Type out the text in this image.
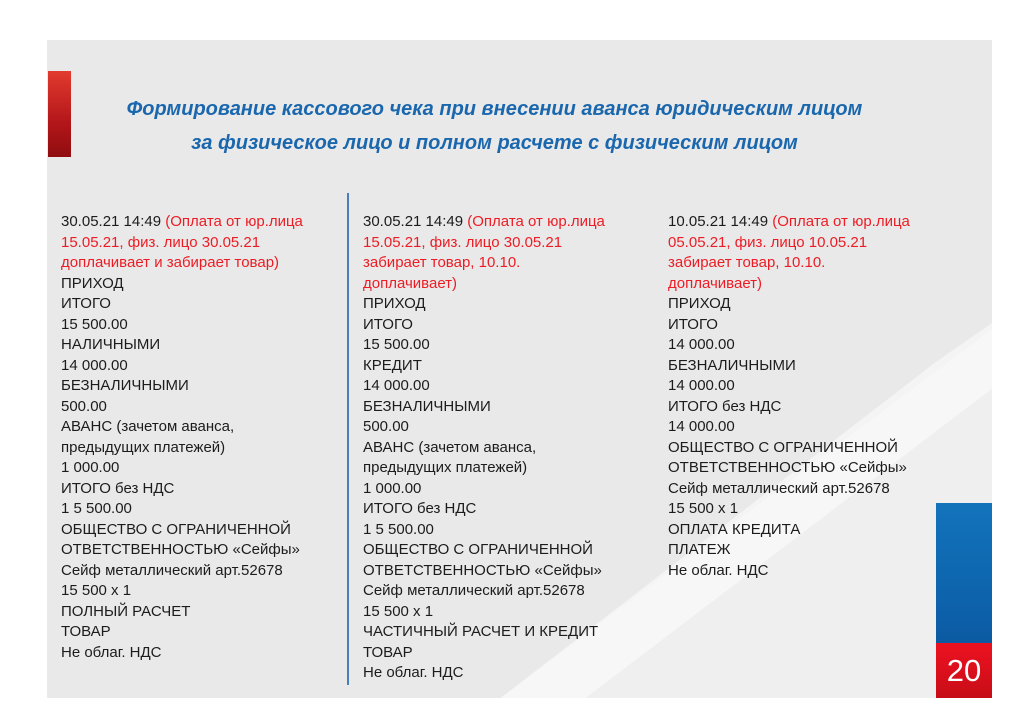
Формирование кассового чека при внесении аванса юридическим лицом
за физическое лицо и полном расчете с физическим лицом
30.05.21 14:49 (Оплата от юр.лица
15.05.21, физ. лицо 30.05.21
доплачивает и забирает товар)
ПРИХОД
ИТОГО
15 500.00
НАЛИЧНЫМИ
14 000.00
БЕЗНАЛИЧНЫМИ
500.00
АВАНС (зачетом аванса,
предыдущих платежей)
1 000.00
ИТОГО без НДС
1 5 500.00
ОБЩЕСТВО С ОГРАНИЧЕННОЙ
ОТВЕТСТВЕННОСТЬЮ «Сейфы»
Сейф металлический арт.52678
15 500 x 1
ПОЛНЫЙ РАСЧЕТ
ТОВАР
Не облаг. НДС
30.05.21 14:49 (Оплата от юр.лица
15.05.21, физ. лицо 30.05.21
забирает товар, 10.10.
доплачивает)
ПРИХОД
ИТОГО
15 500.00
КРЕДИТ
14 000.00
БЕЗНАЛИЧНЫМИ
500.00
АВАНС (зачетом аванса,
предыдущих платежей)
1 000.00
ИТОГО без НДС
1 5 500.00
ОБЩЕСТВО С ОГРАНИЧЕННОЙ
ОТВЕТСТВЕННОСТЬЮ «Сейфы»
Сейф металлический арт.52678
15 500 x 1
ЧАСТИЧНЫЙ РАСЧЕТ И КРЕДИТ
ТОВАР
Не облаг. НДС
10.05.21 14:49 (Оплата от юр.лица
05.05.21, физ. лицо 10.05.21
забирает товар, 10.10.
доплачивает)
ПРИХОД
ИТОГО
14 000.00
БЕЗНАЛИЧНЫМИ
14 000.00
ИТОГО без НДС
14 000.00
ОБЩЕСТВО С ОГРАНИЧЕННОЙ
ОТВЕТСТВЕННОСТЬЮ «Сейфы»
Сейф металлический арт.52678
15 500 x 1
ОПЛАТА КРЕДИТА
ПЛАТЕЖ
Не облаг. НДС
20
